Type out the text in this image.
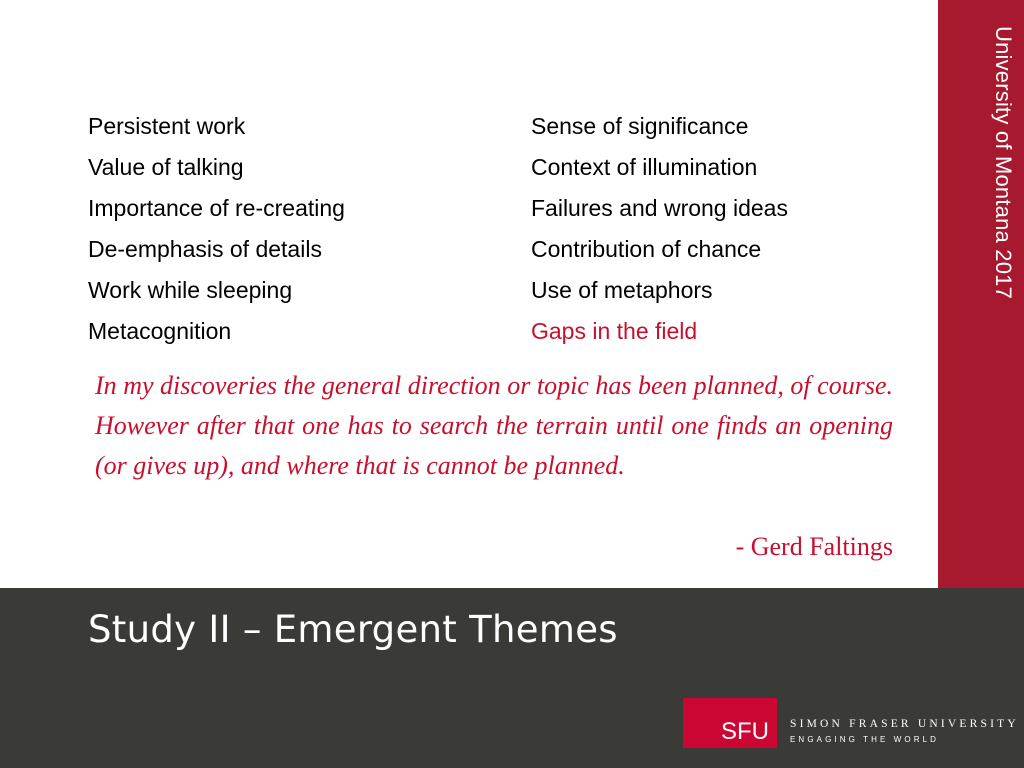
University of Montana 2017
Persistent work
Value of talking
Importance of re-creating
De-emphasis of details
Work while sleeping
Metacognition
Sense of significance
Context of illumination
Failures and wrong ideas
Contribution of chance
Use of metaphors
Gaps in the field

In my discoveries the general direction or topic has been planned, of course. However after that one has to search the terrain until one finds an opening (or gives up), and where that is cannot be planned.

- Gerd Faltings
Study II – Emergent Themes
SFU SIMON FRASER UNIVERSITY
ENGAGING THE WORLD
